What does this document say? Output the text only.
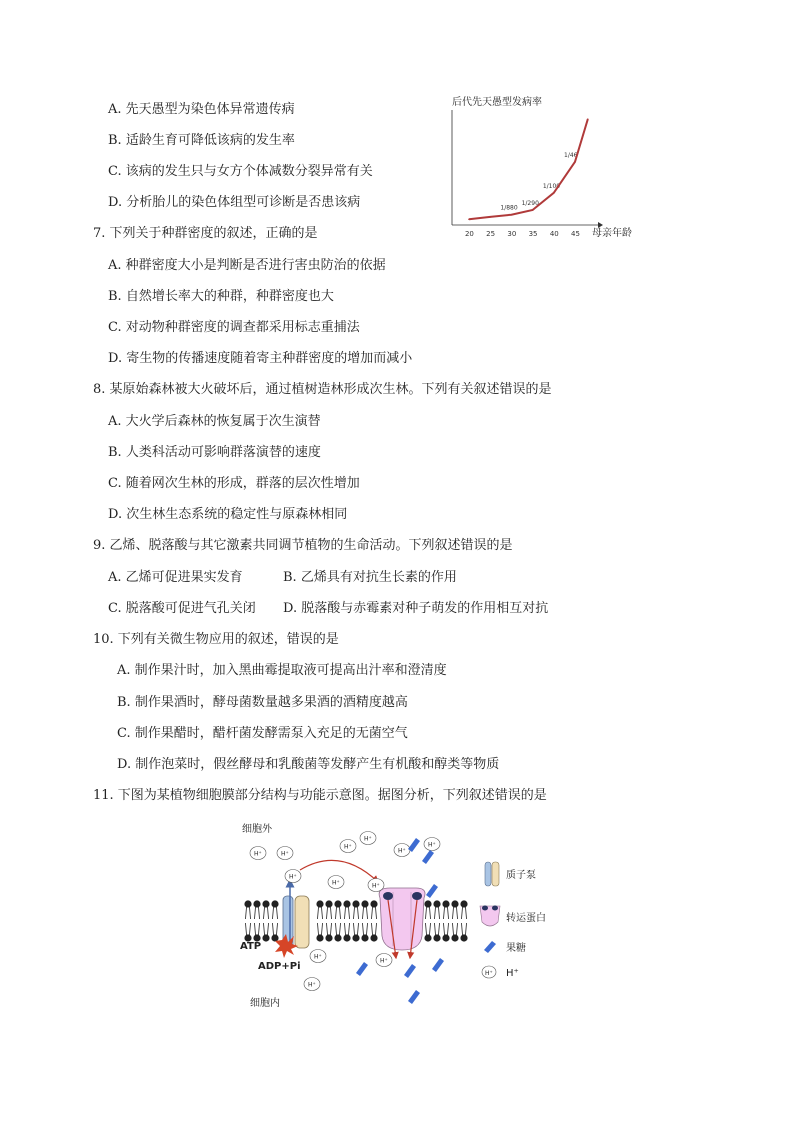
A. 先天愚型为染色体异常遗传病
B. 适龄生育可降低该病的发生率
C. 该病的发生只与女方个体减数分裂异常有关
D. 分析胎儿的染色体组型可诊断是否患该病
后代先天愚型发病率
母亲年龄
20 25 30 35 40 45
1/880
1/290
1/100
1/46
7. 下列关于种群密度的叙述，正确的是
A. 种群密度大小是判断是否进行害虫防治的依据
B. 自然增长率大的种群，种群密度也大
C. 对动物种群密度的调查都采用标志重捕法
D. 寄生物的传播速度随着寄主种群密度的增加而减小
8. 某原始森林被大火破坏后，通过植树造林形成次生林。下列有关叙述错误的是
A. 大火学后森林的恢复属于次生演替
B. 人类科活动可影响群落演替的速度
C. 随着网次生林的形成，群落的层次性增加
D. 次生林生态系统的稳定性与原森林相同
9. 乙烯、脱落酸与其它激素共同调节植物的生命活动。下列叙述错误的是
A. 乙烯可促进果实发育	B. 乙烯具有对抗生长素的作用
C. 脱落酸可促进气孔关闭 D. 脱落酸与赤霉素对种子萌发的作用相互对抗
10. 下列有关微生物应用的叙述，错误的是
A. 制作果汁时，加入黑曲霉提取液可提高出汁率和澄清度
B. 制作果酒时，酵母菌数量越多果酒的酒精度越高
C. 制作果醋时，醋杆菌发酵需泵入充足的无菌空气
D. 制作泡菜时，假丝酵母和乳酸菌等发酵产生有机酸和醇类等物质
11. 下图为某植物细胞膜部分结构与功能示意图。据图分析，下列叙述错误的是
细胞外
细胞内
ATP
ADP+Pi
H⁺	H⁺
H⁺
H⁺
H⁺
H⁺
H⁺
H⁺	H⁺
H⁺
H⁺
H⁺
质子泵
转运蛋白
果糖
H⁺ H⁺
